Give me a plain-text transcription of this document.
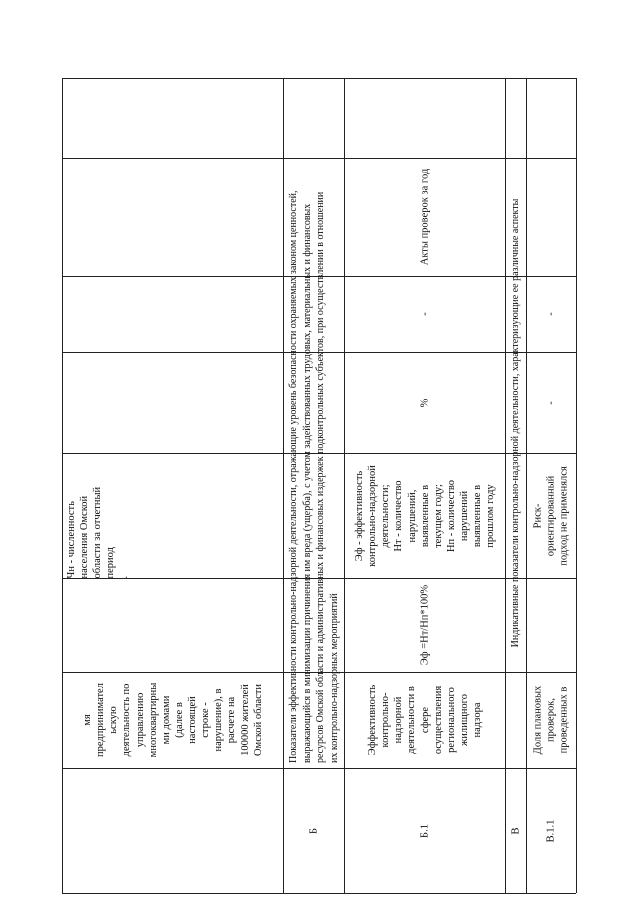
мя
предпринимател
ьскую
деятельность по
управлению
многоквартирны
ми домами
(далее в
настоящей
строке -
нарушение), в
расчете на
100000 жителей
Омской области
Чн - численность
населения Омской
области за отчетный
период
.
Б
Показатели эффективности контрольно-надзорной деятельности, отражающие уровень безопасности охраняемых законом ценностей,
выражающийся в минимизации причинения им вреда (ущерба), с учетом задействованных трудовых, материальных и финансовых
ресурсов Омской области и административных и финансовых издержек подконтрольных субъектов, при осуществлении в отношении
их контрольно-надзорных мероприятий
Б.1
Эффективность
контрольно-
надзорной
деятельности в
сфере
осуществления
регионального
жилищного
надзора
Эф =Нт/Нп*100%
Эф - эффективность
контрольно-надзорной
деятельности;
Нт - количество
нарушений,
выявленные в
текущем году;
Нп - количество
нарушений
выявленные в
прошлом году
%
-
Акты проверок за год
В
Индикативные показатели контрольно-надзорной деятельности, характеризующие ее различные аспекты
В.1.1
Доля плановых
проверок,
проведенных в
Риск-
ориентированный
подход не применялся
-
-
